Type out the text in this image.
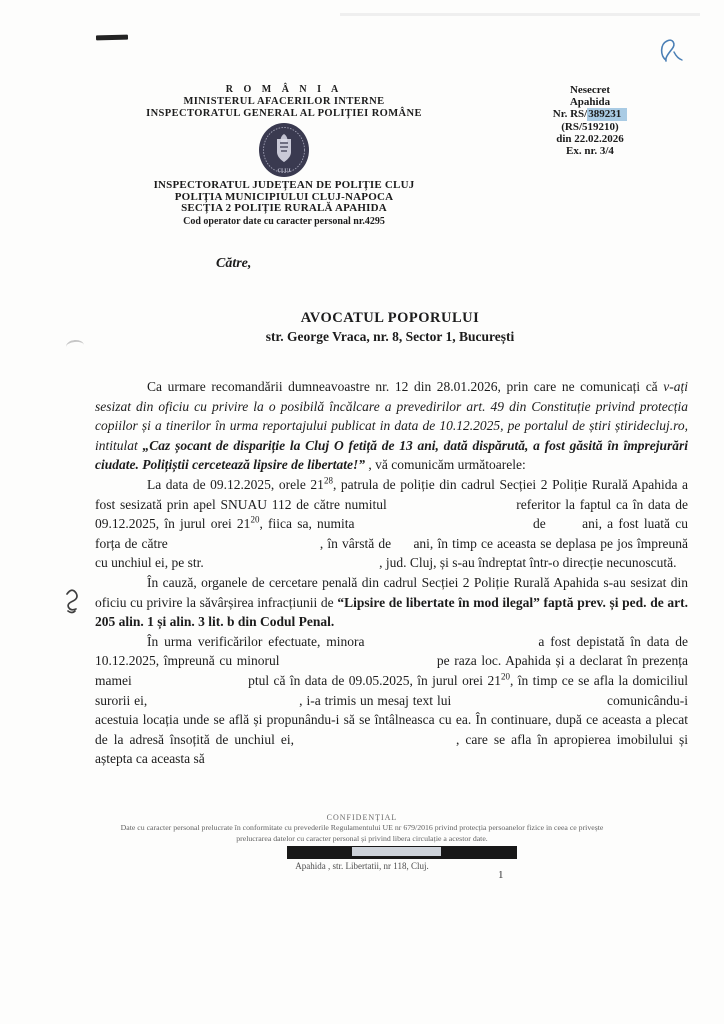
R O M Â N I A
MINISTERUL AFACERILOR INTERNE
INSPECTORATUL GENERAL AL POLIȚIEI ROMÂNE
CLUJ
INSPECTORATUL JUDEȚEAN DE POLIȚIE CLUJ
POLIȚIA MUNICIPIULUI CLUJ-NAPOCA
SECȚIA 2 POLIȚIE RURALĂ APAHIDA
Cod operator date cu caracter personal nr.4295
Nesecret
Apahida
Nr. RS/389231
(RS/519210)
din 22.02.2026
Ex. nr. 3/4
Către,
AVOCATUL POPORULUI
str. George Vraca, nr. 8, Sector 1, București

Ca urmare recomandării dumneavoastre nr. 12 din 28.01.2026, prin care ne comunicați că v-ați sesizat din oficiu cu privire la o posibilă încălcare a prevedirilor art. 49 din Constituție privind protecția copiilor și a tinerilor în urma reportajului publicat in data de 10.12.2025, pe portalul de știri știridecluj.ro, intitulat „Caz șocant de dispariție la Cluj O fetiță de 13 ani, dată dispărută, a fost găsită în împrejurări ciudate. Polițiștii cercetează lipsire de libertate!” , vă comunicăm următoarele:

La data de 09.12.2025, orele $21^{28}$, patrula de poliție din cadrul Secției 2 Poliție Rurală Apahida a fost sesizată prin apel SNUAU 112 de către numitul	referitor la faptul ca în data de 09.12.2025, în jurul orei $21^{20}$, fiica sa, numita	de  ani, a fost luată cu forța de către	, în vârstă de  ani, în timp ce aceasta se deplasa pe jos împreună cu unchiul ei, pe str.	, jud. Cluj, și s-au îndreptat într-o direcție necunoscută.

În cauză, organele de cercetare penală din cadrul Secției 2 Poliție Rurală Apahida s-au sesizat din oficiu cu privire la săvârșirea infracțiunii de “Lipsire de libertate în mod ilegal” faptă prev. și ped. de art. 205 alin. 1 și alin. 3 lit. b din Codul Penal.

În urma verificărilor efectuate, minora	a fost depistată în data de 10.12.2025, împreună cu minorul	pe raza loc. Apahida și a declarat în prezența mamei	ptul că în data de 09.05.2025, în jurul orei $21^{20}$, în timp ce se afla la domiciliul surorii ei,	, i-a trimis un mesaj text lui	comunicându-i acestuia locația unde se află și propunându-i să se întâlneasca cu ea. În continuare, după ce aceasta a plecat de la adresă însoțită de unchiul ei,	, care se afla în apropierea imobilului și aștepta ca aceasta să

CONFIDENȚIAL
Date cu caracter personal prelucrate în conformitate cu prevederile Regulamentului UE nr 679/2016 privind protecția persoanelor fizice in ceea ce privește
prelucrarea datelor cu caracter personal și privind libera circulație a acestor date.
Apahida , str. Libertatii, nr 118, Cluj.
1
